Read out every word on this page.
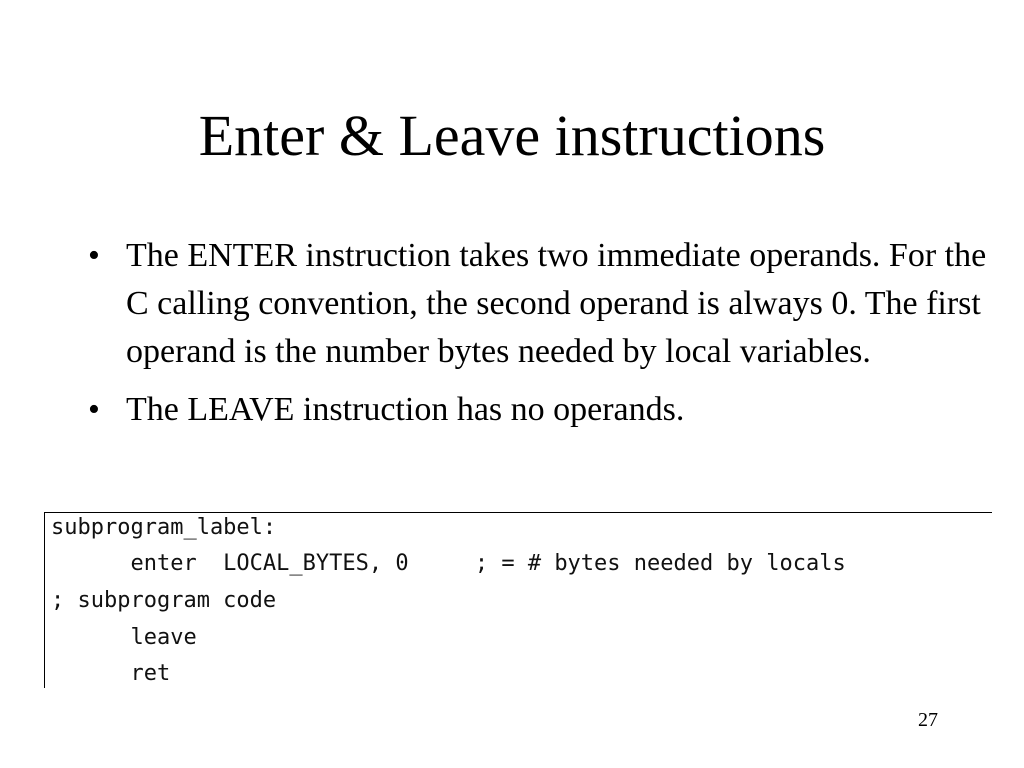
Enter & Leave instructions
• The ENTER instruction takes two immediate operands. For the C calling convention, the second operand is always 0. The first operand is the number bytes needed by local variables.
• The LEAVE instruction has no operands.
subprogram_label:
enter  LOCAL_BYTES, 0     ; = # bytes needed by locals
; subprogram code
leave
ret
27
